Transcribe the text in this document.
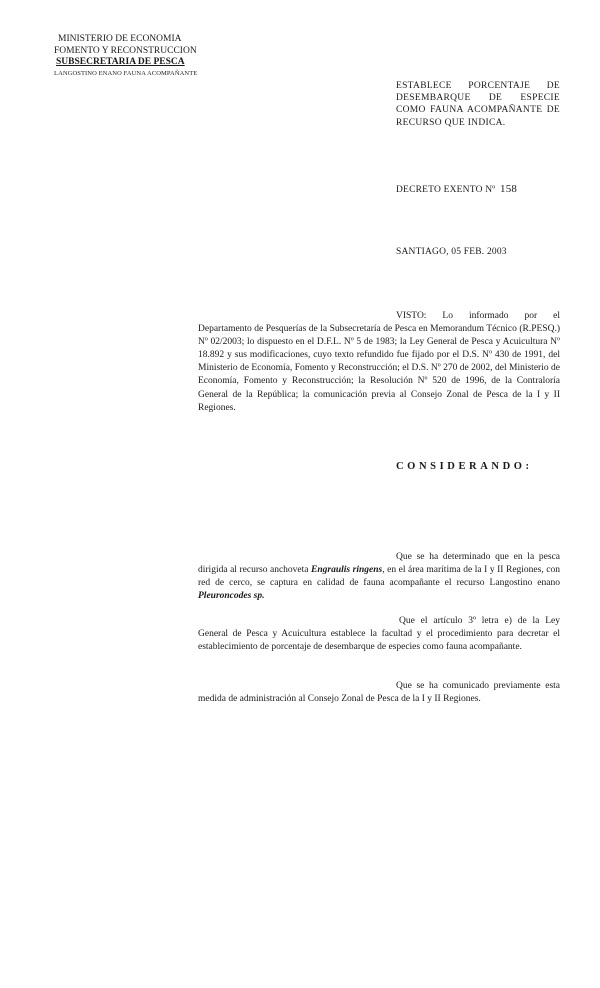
MINISTERIO DE ECONOMIA
FOMENTO Y RECONSTRUCCION
SUBSECRETARIA DE PESCA
LANGOSTINO ENANO FAUNA ACOMPAÑANTE
ESTABLECE PORCENTAJE DE DESEMBARQUE DE ESPECIE COMO FAUNA ACOMPAÑANTE DE RECURSO QUE INDICA.
DECRETO EXENTO Nº 158
SANTIAGO, 05 FEB. 2003
VISTO: Lo informado por el Departamento de Pesquerías de la Subsecretaría de Pesca en Memorandum Técnico (R.PESQ.) Nº 02/2003; lo dispuesto en el D.F.L. Nº 5 de 1983; la Ley General de Pesca y Acuicultura Nº 18.892 y sus modificaciones, cuyo texto refundido fue fijado por el D.S. Nº 430 de 1991, del Ministerio de Economía, Fomento y Reconstrucción; el D.S. Nº 270 de 2002, del Ministerio de Economía, Fomento y Reconstrucción; la Resolución Nº 520 de 1996, de la Contraloría General de la República; la comunicación previa al Consejo Zonal de Pesca de la I y II Regiones.
CONSIDERANDO:
Que se ha determinado que en la pesca dirigida al recurso anchoveta Engraulis ringens, en el área marítima de la I y II Regiones, con red de cerco, se captura en calidad de fauna acompañante el recurso Langostino enano Pleuroncodes sp.
Que el artículo 3º letra e) de la Ley General de Pesca y Acuicultura establece la facultad y el procedimiento para decretar el establecimiento de porcentaje de desembarque de especies como fauna acompañante.
Que se ha comunicado previamente esta medida de administración al Consejo Zonal de Pesca de la I y II Regiones.
